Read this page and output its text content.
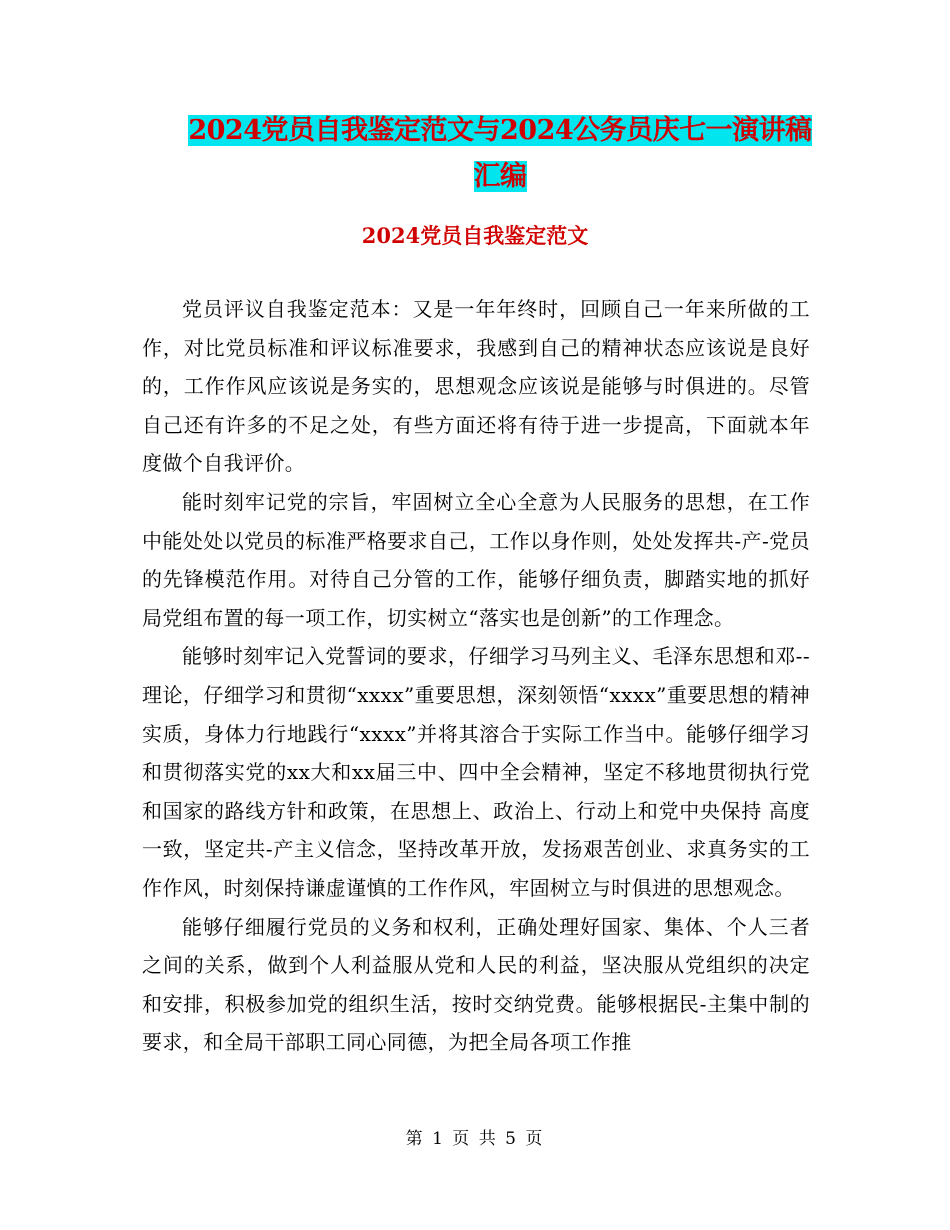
2024党员自我鉴定范文与2024公务员庆七一演讲稿汇编
2024党员自我鉴定范文

党员评议自我鉴定范本：又是一年年终时，回顾自己一年来所做的工作，对比党员标准和评议标准要求，我感到自己的精神状态应该说是良好的，工作作风应该说是务实的，思想观念应该说是能够与时俱进的。尽管自己还有许多的不足之处，有些方面还将有待于进一步提高，下面就本年度做个自我评价。

能时刻牢记党的宗旨，牢固树立全心全意为人民服务的思想，在工作中能处处以党员的标准严格要求自己，工作以身作则，处处发挥共-产-党员的先锋模范作用。对待自己分管的工作，能够仔细负责，脚踏实地的抓好局党组布置的每一项工作，切实树立“落实也是创新”的工作理念。

能够时刻牢记入党誓词的要求，仔细学习马列主义、毛泽东思想和邓--理论，仔细学习和贯彻“xxxx”重要思想，深刻领悟“xxxx”重要思想的精神实质，身体力行地践行“xxxx”并将其溶合于实际工作当中。能够仔细学习和贯彻落实党的xx大和xx届三中、四中全会精神，坚定不移地贯彻执行党和国家的路线方针和政策，在思想上、政治上、行动上和党中央保持 高度一致，坚定共-产主义信念，坚持改革开放，发扬艰苦创业、求真务实的工作作风，时刻保持谦虚谨慎的工作作风，牢固树立与时俱进的思想观念。

能够仔细履行党员的义务和权利，正确处理好国家、集体、个人三者之间的关系，做到个人利益服从党和人民的利益，坚决服从党组织的决定和安排，积极参加党的组织生活，按时交纳党费。能够根据民-主集中制的要求，和全局干部职工同心同德，为把全局各项工作推

第 1 页 共 5 页
